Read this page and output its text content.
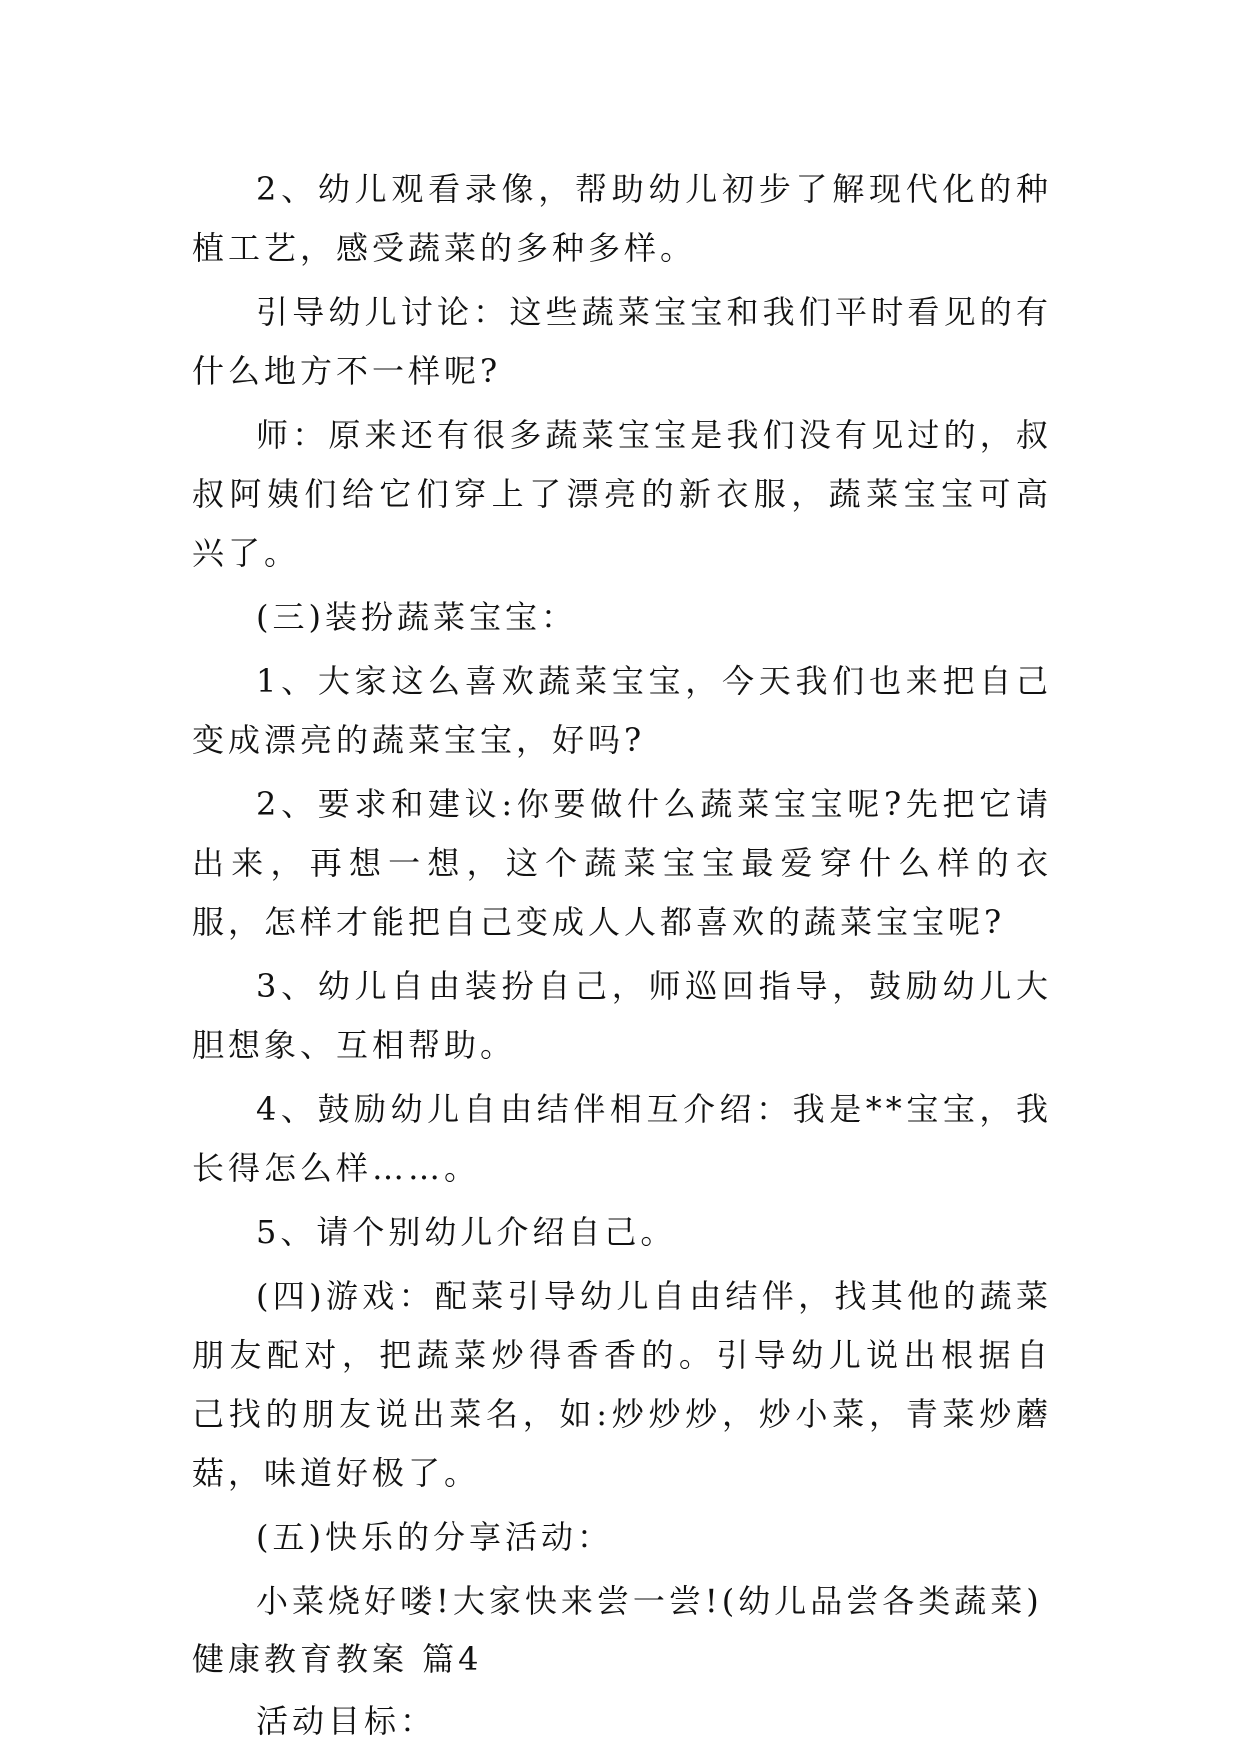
2、幼儿观看录像，帮助幼儿初步了解现代化的种植工艺，感受蔬菜的多种多样。

引导幼儿讨论：这些蔬菜宝宝和我们平时看见的有什么地方不一样呢?

师：原来还有很多蔬菜宝宝是我们没有见过的，叔叔阿姨们给它们穿上了漂亮的新衣服，蔬菜宝宝可高兴了。

(三)装扮蔬菜宝宝：

1、大家这么喜欢蔬菜宝宝，今天我们也来把自己变成漂亮的蔬菜宝宝，好吗?

2、要求和建议:你要做什么蔬菜宝宝呢?先把它请出来，再想一想，这个蔬菜宝宝最爱穿什么样的衣服，怎样才能把自己变成人人都喜欢的蔬菜宝宝呢?

3、幼儿自由装扮自己，师巡回指导，鼓励幼儿大胆想象、互相帮助。

4、鼓励幼儿自由结伴相互介绍：我是**宝宝，我长得怎么样……。

5、请个别幼儿介绍自己。

(四)游戏：配菜引导幼儿自由结伴，找其他的蔬菜朋友配对，把蔬菜炒得香香的。引导幼儿说出根据自己找的朋友说出菜名，如:炒炒炒，炒小菜，青菜炒蘑菇，味道好极了。

(五)快乐的分享活动：

小菜烧好喽!大家快来尝一尝!(幼儿品尝各类蔬菜)

健康教育教案 篇4

活动目标：
